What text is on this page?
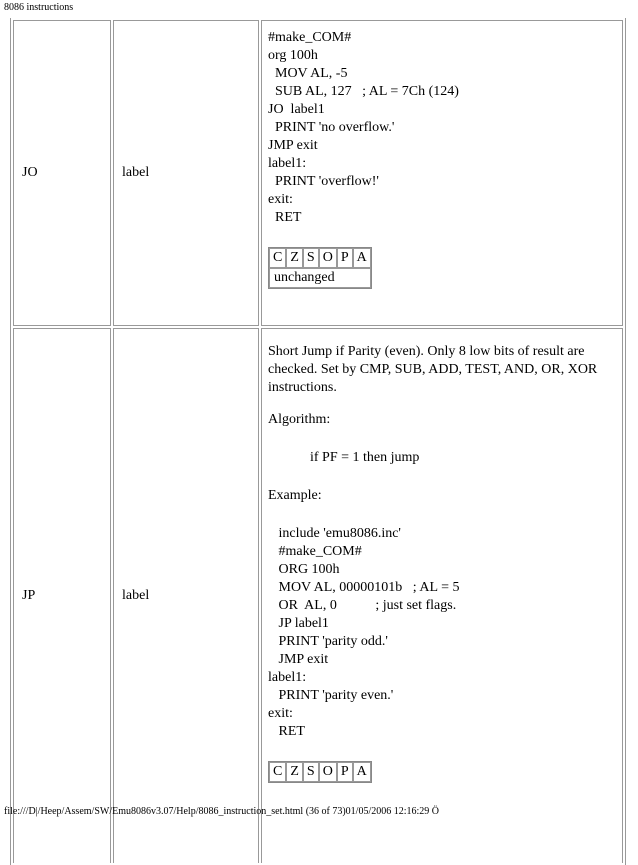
8086 instructions
JO	label	
#make_COM#
org 100h
MOV AL, -5
SUB AL, 127   ; AL = 7Ch (124)
JO  label1
PRINT 'no overflow.'
JMP exit
label1:
PRINT 'overflow!'
exit:
RET
C	Z	S	O	P	A
unchanged

JP	label	
Short Jump if Parity (even). Only 8 low bits of result are checked. Set by CMP, SUB, ADD, TEST, AND, OR, XOR instructions.
Algorithm:
if PF = 1 then jump
Example:
include 'emu8086.inc'
#make_COM#
ORG 100h
MOV AL, 00000101b   ; AL = 5
OR  AL, 0           ; just set flags.
JP label1
PRINT 'parity odd.'
JMP exit
label1:
PRINT 'parity even.'
exit:
RET
C	Z	S	O	P	A
file:///D|/Heep/Assem/SW/Emu8086v3.07/Help/8086_instruction_set.html (36 of 73)01/05/2006 12:16:29 Ö
